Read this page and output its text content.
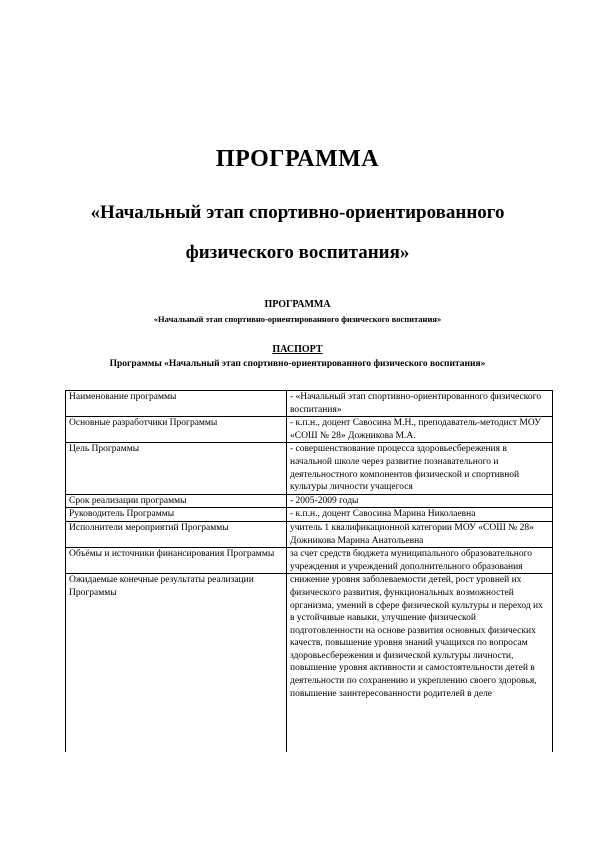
ПРОГРАММА
«Начальный этап спортивно-ориентированного
физического воспитания»
ПРОГРАММА
«Начальный этап спортивно-ориентированного физического воспитания»
ПАСПОРТ
Программы «Начальный этап спортивно-ориентированного физического воспитания»
Наименование программы	- «Начальный этап спортивно-ориентированного физического воспитания»
Основные разработчики Программы	- к.п.н., доцент Савосина М.Н., преподаватель-методист МОУ «СОШ № 28» Дожникова М.А.
Цель Программы	- совершенствование процесса здоровьесбережения в начальной школе через развитие познавательного и деятельностного компонентов физической и спортивной культуры личности учащегося
Срок реализации программы	- 2005-2009 годы
Руководитель Программы	- к.п.н., доцент Савосина Марина Николаевна
Исполнители мероприятий Программы	учитель 1 квалификационной категории МОУ «СОШ № 28» Дожникова Марина Анатольевна
Объёмы и источники финансирования Программы	за счет средств бюджета муниципального образовательного учреждения и учреждений дополнительного образования
Ожидаемые конечные результаты реализации Программы	снижение уровня заболеваемости детей, рост уровней их физического развития, функциональных возможностей организма, умений в сфере физической культуры и переход их в устойчивые навыки, улучшение физической подготовленности на основе развития основных физических качеств, повышение уровня знаний учащихся по вопросам здоровьесбережения и физической культуры личности, повышение уровня активности и самостоятельности детей в деятельности по сохранению и укреплению своего здоровья, повышение заинтересованности родителей в деле
